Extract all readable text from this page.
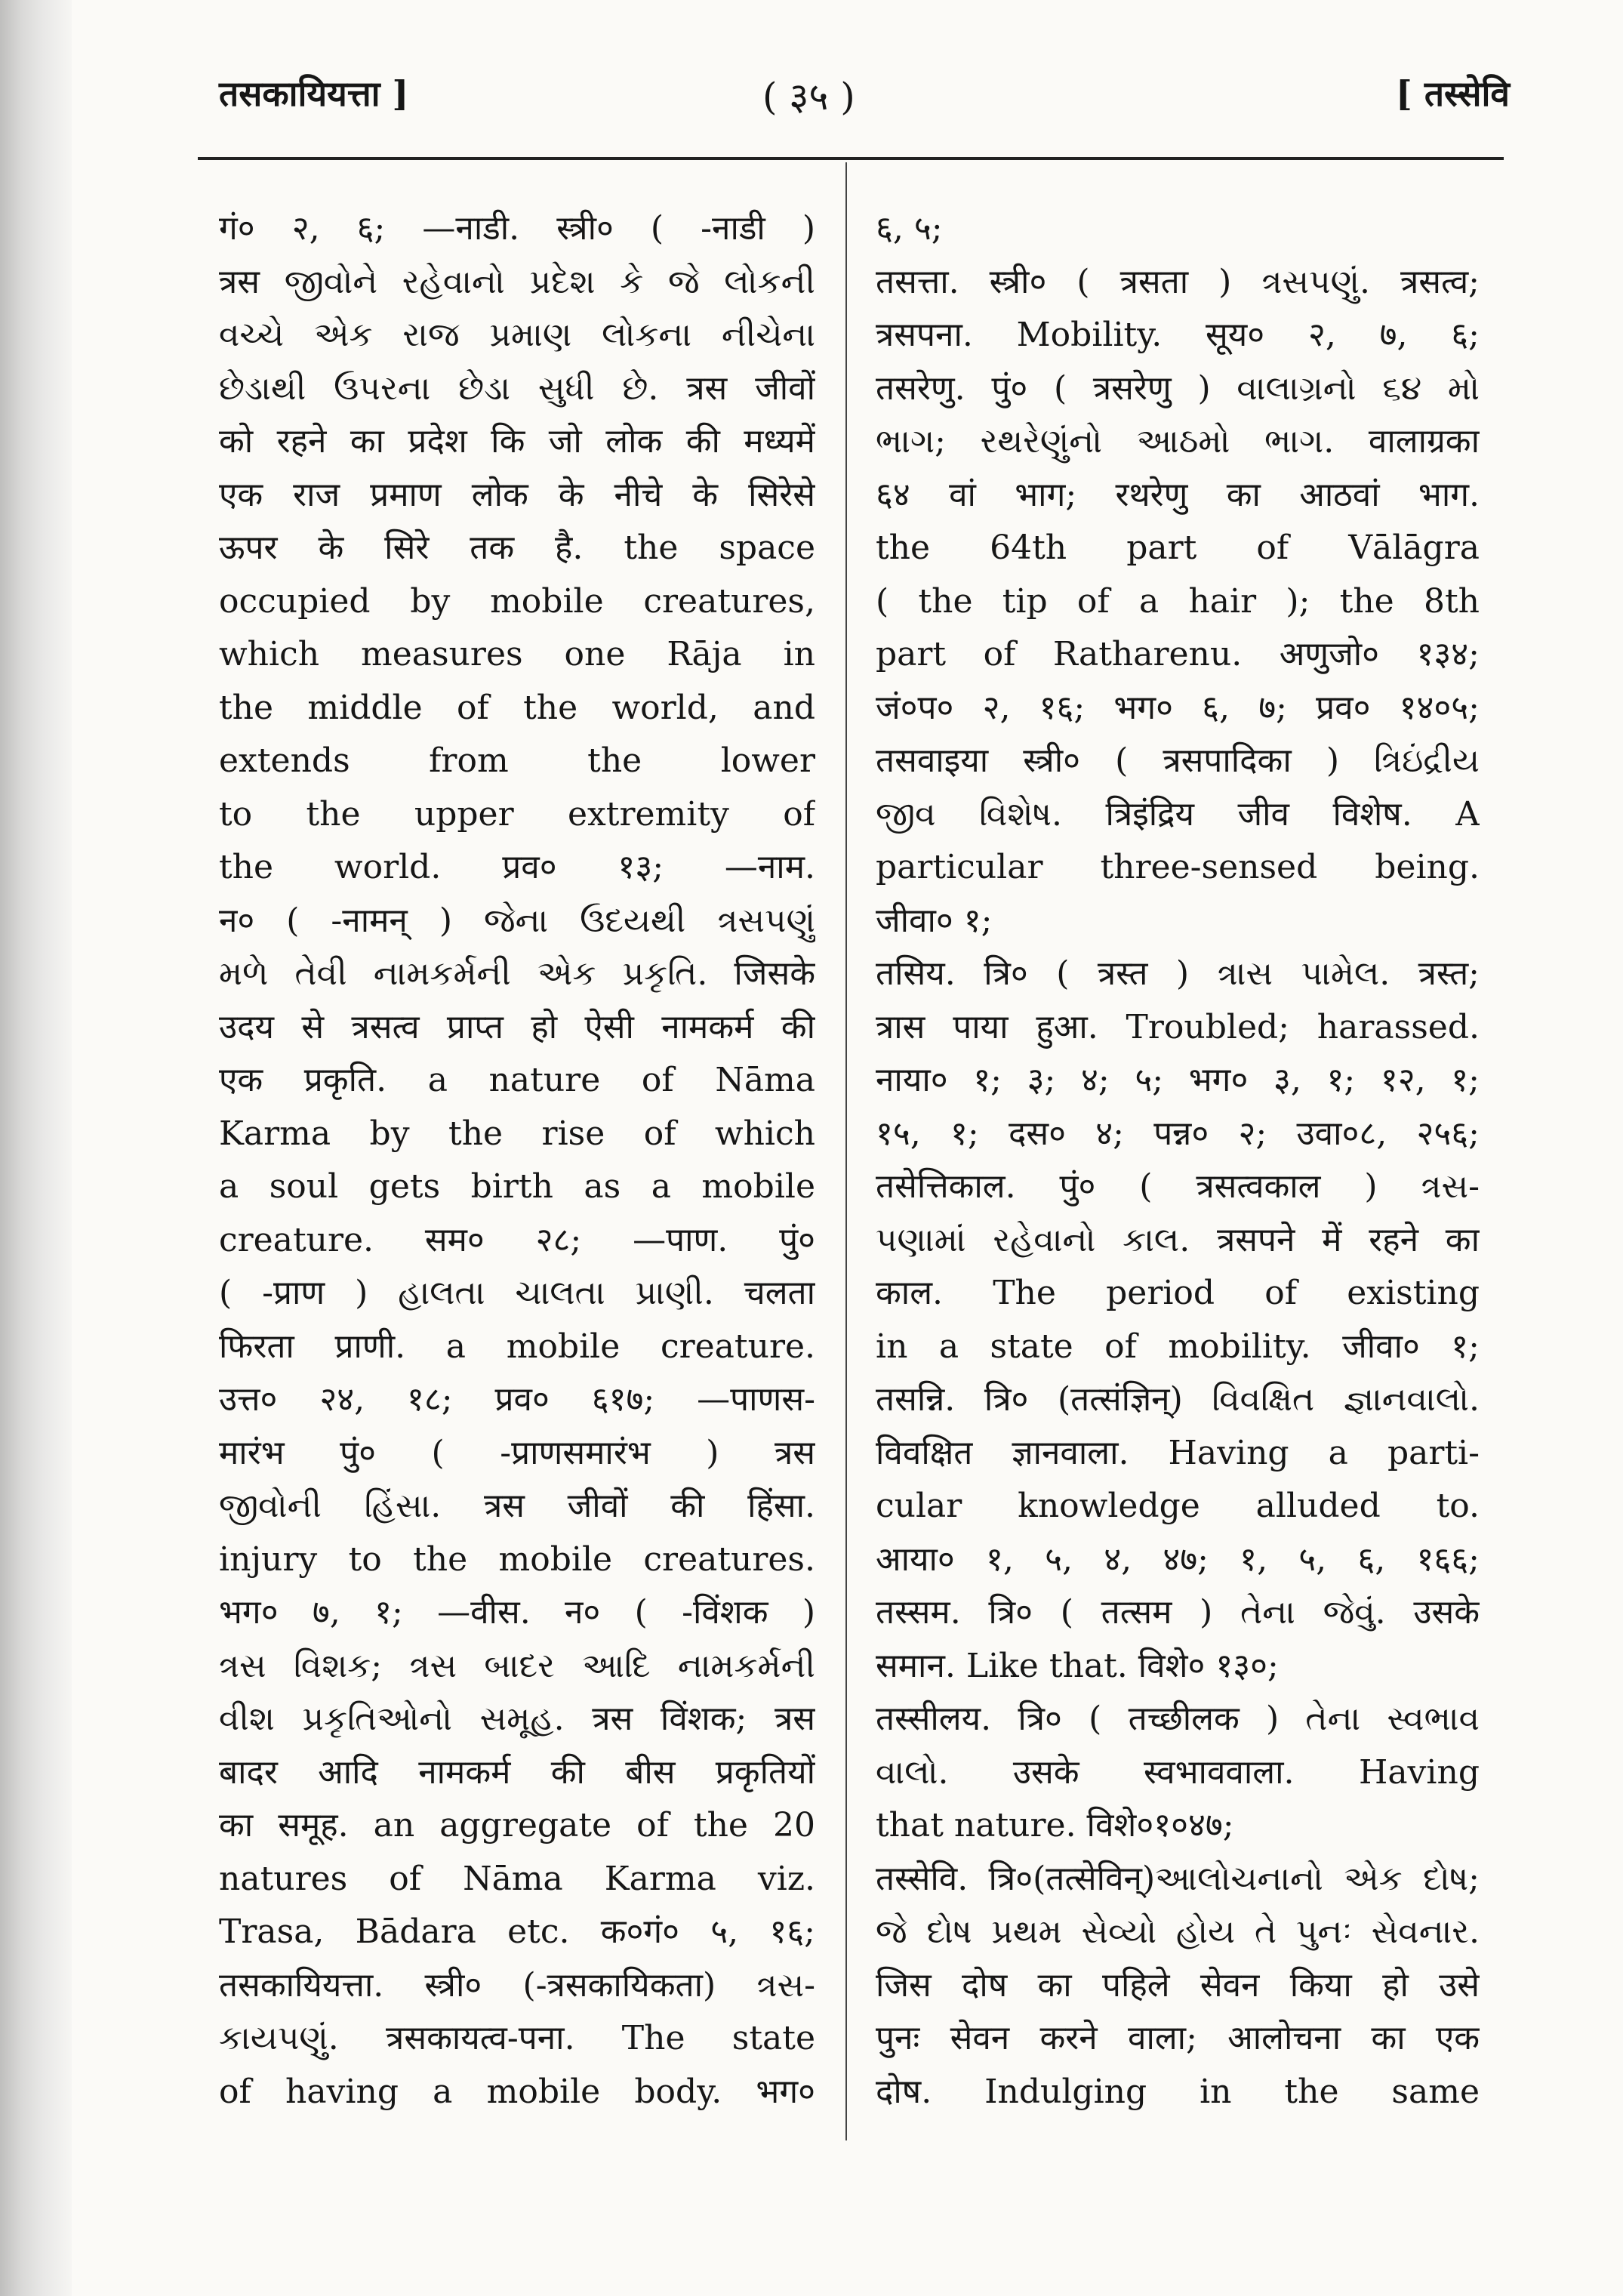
तसकायियत्ता ]	( ३५ )	[ तस्सेवि
गं० २, ६; —नाडी. स्त्री० ( -नाडी )
त्रस જીવોને રહેવાનો પ્રદેશ કે જે લોકની
વચ્ચે એક રાજ પ્રમાણ લોકના નીચેના
છેડાથી ઉપરના છેડા સુધી છે. त्रस जीवों
को रहने का प्रदेश कि जो लोक की मध्यमें
एक राज प्रमाण लोक के नीचे के सिरेसे
ऊपर के सिरे तक है. the space
occupied by mobile creatures,
which measures one Rāja in
the middle of the world, and
extends from the lower
to the upper extremity of
the world. प्रव० १३; —नाम.
न० ( -नामन् ) જેના ઉદયથી ત્રસપણું
મળે તેવી નામકર્મની એક પ્રકૃતિ. जिसके
उदय से त्रसत्व प्राप्त हो ऐसी नामकर्म की
एक प्रकृति. a nature of Nāma
Karma by the rise of which
a soul gets birth as a mobile
creature. सम० २८; —पाण. पुं०
( -प्राण ) હાલતા ચાલતા પ્રાણી. चलता
फिरता प्राणी. a mobile creature.
उत्त० २४, १८; प्रव० ६१७; —पाणस-
मारंभ पुं० ( -प्राणसमारंभ ) त्रस
જીવોની હિંસા. त्रस जीवों की हिंसा.
injury to the mobile creatures.
भग० ७, १; —वीस. न० ( -विंशक )
ત્રસ વિશક; ત્રસ બાદર આદિ નામકર્મની
વીશ પ્રકૃતિઓનો સમૂહ. त्रस विंशक; त्रस
बादर आदि नामकर्म की बीस प्रकृतियों
का समूह. an aggregate of the 20
natures of Nāma Karma viz.
Trasa, Bādara etc. क०गं० ५, १६;
तसकायियत्ता. स्त्री० (-त्रसकायिकता) ત્રસ-
કાયપણું. त्रसकायत्व-पना. The state
of having a mobile body. भग०
६, ५;
तसत्ता. स्त्री० ( त्रसता ) ત્રસપણું. त्रसत्व;
त्रसपना. Mobility. सूय० २, ७, ६;
तसरेणु. पुं० ( त्रसरेणु ) વાલાગ્રનો ૬૪ મો
ભાગ; રથરેણુંનો આઠમો ભાગ. वालाग्रका
६४ वां भाग; रथरेणु का आठवां भाग.
the 64th part of Vālāgra
( the tip of a hair ); the 8th
part of Ratharenu. अणुजो० १३४;
जं०प० २, १६; भग० ६, ७; प्रव० १४०५;
तसवाइया स्त्री० ( त्रसपादिका ) ત્રિઇંદ્રીય
જીવ વિશેષ. त्रिइंद्रिय जीव विशेष. A
particular three-sensed being.
जीवा० १;
तसिय. त्रि० ( त्रस्त ) ત્રાસ પામેલ. त्रस्त;
त्रास पाया हुआ. Troubled; harassed.
नाया० १; ३; ४; ५; भग० ३, १; १२, १;
१५, १; दस० ४; पन्न० २; उवा०८, २५६;
तसेत्तिकाल. पुं० ( त्रसत्वकाल ) ત્રસ-
પણામાં રહેવાનો કાલ. त्रसपने में रहने का
काल. The period of existing
in a state of mobility. जीवा० १;
तसन्नि. त्रि० (तत्संज्ञिन्) વિવક્ષિત જ્ઞાનવાલો.
विवक्षित ज्ञानवाला. Having a parti-
cular knowledge alluded to.
आया० १, ५, ४, ४७; १, ५, ६, १६६;
तस्सम. त्रि० ( तत्सम ) તેના જેવું. उसके
समान. Like that. विशे० १३०;
तस्सीलय. त्रि० ( तच्छीलक ) તેના સ્વભાવ
વાલો. उसके स्वभाववाला. Having
that nature. विशे०१०४७;
तस्सेवि. त्रि०(तत्सेविन्)આલોચનાનો એક દોષ;
જે દોષ પ્રથમ સેવ્યો હોય તે પુનઃ સેવનાર.
जिस दोष का पहिले सेवन किया हो उसे
पुनः सेवन करने वाला; आलोचना का एक
दोष. Indulging in the same
